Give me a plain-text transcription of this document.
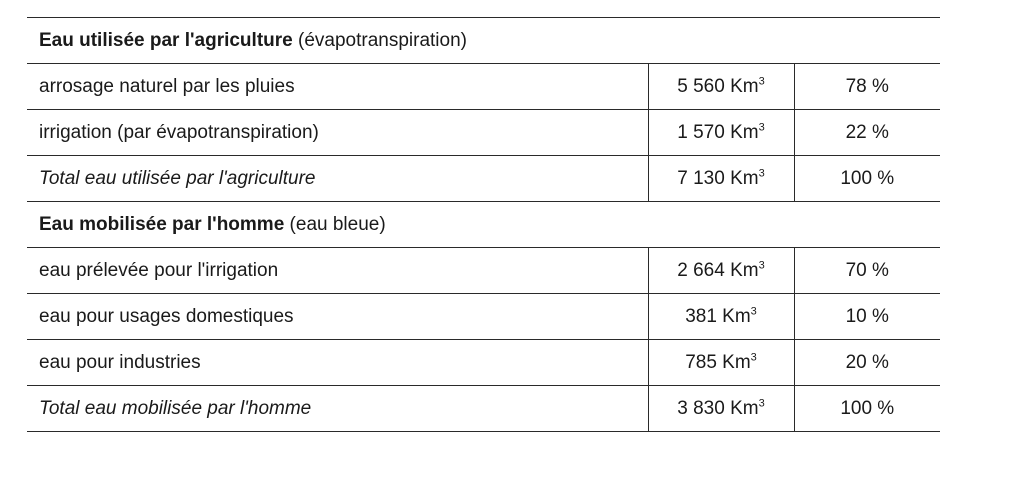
Eau utilisée par l'agriculture (évapotranspiration)		
arrosage naturel par les pluies	5 560 Km$^3$	78 %
irrigation (par évapotranspiration)	1 570 Km$^3$	22 %
Total eau utilisée par l'agriculture	7 130 Km$^3$	100 %
Eau mobilisée par l'homme (eau bleue)		
eau prélevée pour l'irrigation	2 664 Km$^3$	70 %
eau pour usages domestiques	381 Km$^3$	10 %
eau pour industries	785 Km$^3$	20 %
Total eau mobilisée par l'homme	3 830 Km$^3$	100 %
